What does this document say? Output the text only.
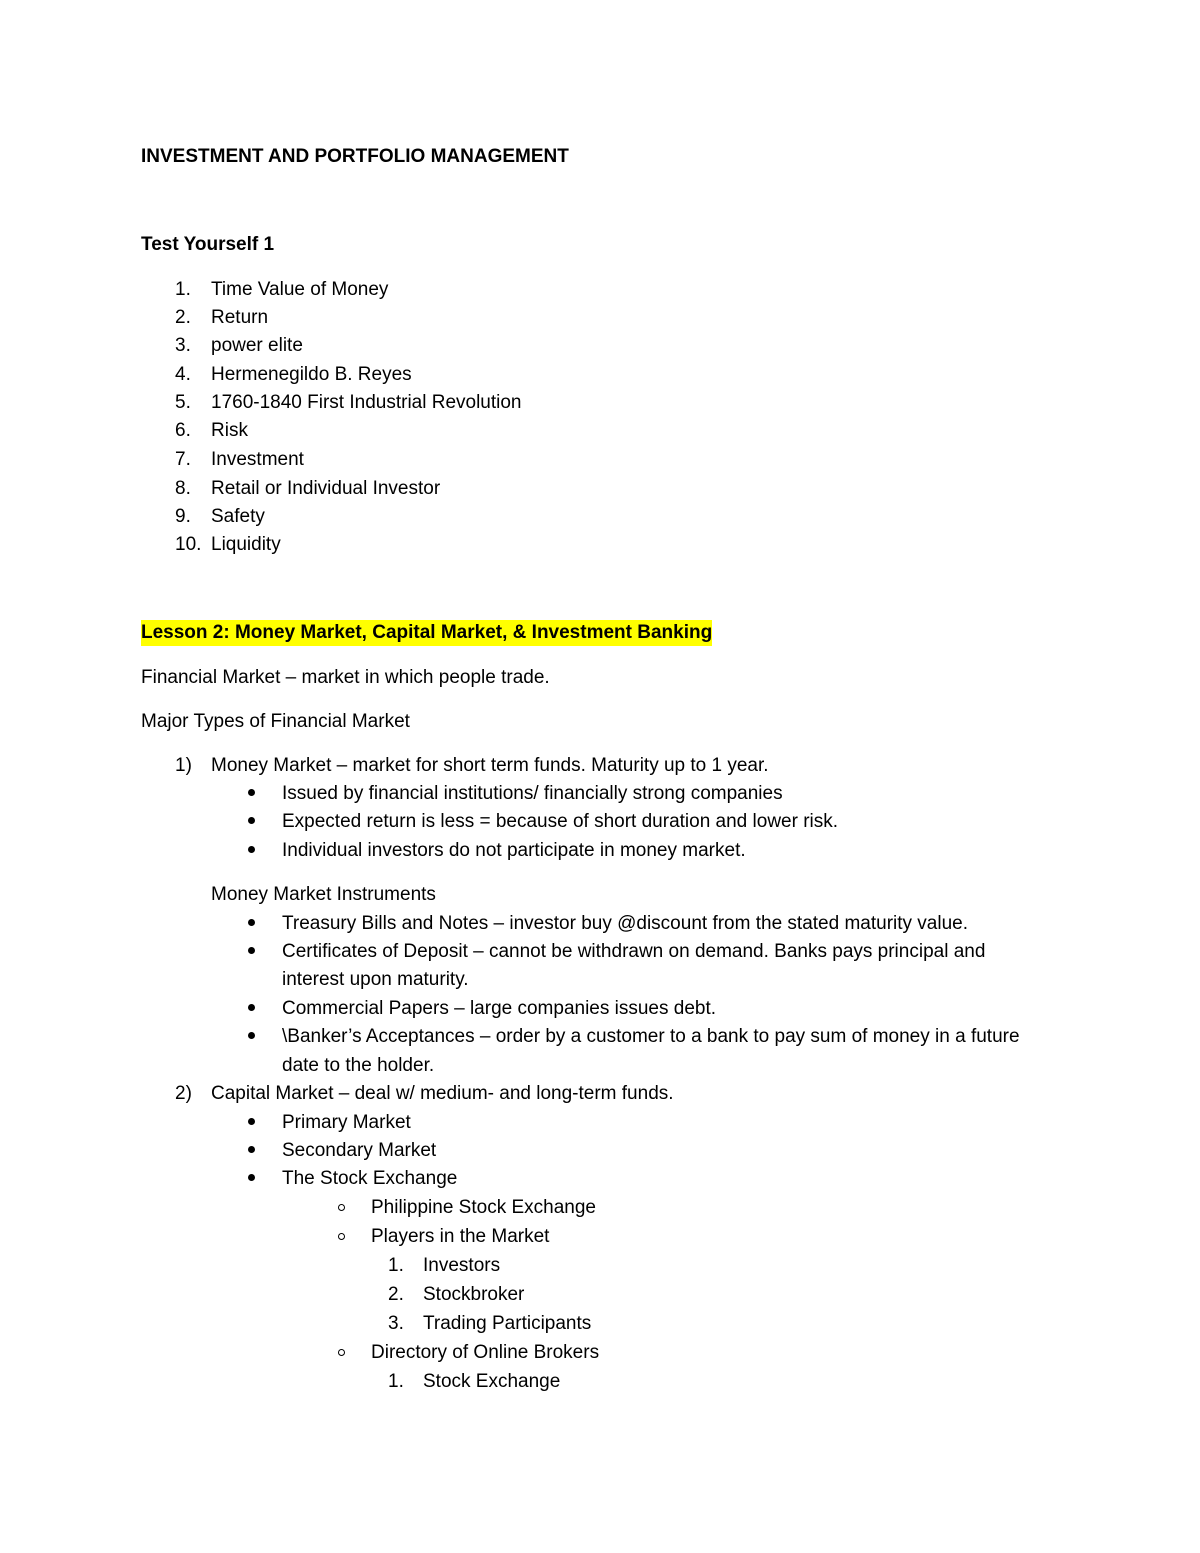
INVESTMENT AND PORTFOLIO MANAGEMENT
Test Yourself 1
1. Time Value of Money
2. Return
3. power elite
4. Hermenegildo B. Reyes
5. 1760-1840 First Industrial Revolution
6. Risk
7. Investment
8. Retail or Individual Investor
9. Safety
10. Liquidity
Lesson 2: Money Market, Capital Market, & Investment Banking
Financial Market – market in which people trade.
Major Types of Financial Market
1) Money Market – market for short term funds. Maturity up to 1 year.
Issued by financial institutions/ financially strong companies
Expected return is less = because of short duration and lower risk.
Individual investors do not participate in money market.
Money Market Instruments
Treasury Bills and Notes – investor buy @discount from the stated maturity value.
Certificates of Deposit – cannot be withdrawn on demand. Banks pays principal and
interest upon maturity.
Commercial Papers – large companies issues debt.
\Banker’s Acceptances – order by a customer to a bank to pay sum of money in a future
date to the holder.
2) Capital Market – deal w/ medium- and long-term funds.
Primary Market
Secondary Market
The Stock Exchange
Philippine Stock Exchange
Players in the Market
1. Investors
2. Stockbroker
3. Trading Participants
Directory of Online Brokers
1. Stock Exchange
